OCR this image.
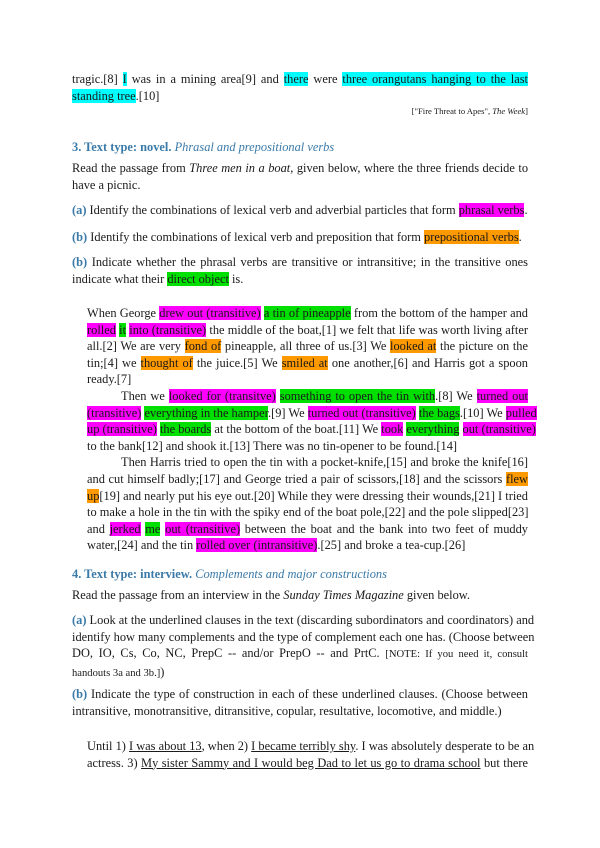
tragic.[8] I was in a mining area[9] and there were three orangutans hanging to the last
standing tree.[10]
["Fire Threat to Apes", The Week]
3. Text type: novel. Phrasal and prepositional verbs
Read the passage from Three men in a boat, given below, where the three friends decide to
have a picnic.
(a) Identify the combinations of lexical verb and adverbial particles that form phrasal verbs.
(b) Identify the combinations of lexical verb and preposition that form prepositional verbs.
(b) Indicate whether the phrasal verbs are transitive or intransitive; in the transitive ones
indicate what their direct object is.
When George drew out (transitive) a tin of pineapple from the bottom of the hamper and
rolled it into (transitive) the middle of the boat,[1] we felt that life was worth living after
all.[2] We are very fond of pineapple, all three of us.[3] We looked at the picture on the
tin;[4] we thought of the juice.[5] We smiled at one another,[6] and Harris got a spoon
ready.[7]
Then we looked for (transitve) something to open the tin with.[8] We turned out
(transitive) everything in the hamper.[9] We turned out (transitive) the bags.[10] We pulled
up (transitive) the boards at the bottom of the boat.[11] We took everything out (transitive)
to the bank[12] and shook it.[13] There was no tin-opener to be found.[14]
Then Harris tried to open the tin with a pocket-knife,[15] and broke the knife[16]
and cut himself badly;[17] and George tried a pair of scissors,[18] and the scissors flew
up[19] and nearly put his eye out.[20] While they were dressing their wounds,[21] I tried
to make a hole in the tin with the spiky end of the boat pole,[22] and the pole slipped[23]
and jerked me out (transitive) between the boat and the bank into two feet of muddy
water,[24] and the tin rolled over (intransitive).[25] and broke a tea-cup.[26]
4. Text type: interview. Complements and major constructions
Read the passage from an interview in the Sunday Times Magazine given below.
(a) Look at the underlined clauses in the text (discarding subordinators and coordinators) and
identify how many complements and the type of complement each one has. (Choose between
DO, IO, Cs, Co, NC, PrepC -- and/or PrepO -- and PrtC. [NOTE: If you need it, consult
handouts 3a and 3b.])
(b) Indicate the type of construction in each of these underlined clauses. (Choose between
intransitive, monotransitive, ditransitive, copular, resultative, locomotive, and middle.)
Until 1) I was about 13, when 2) I became terribly shy. I was absolutely desperate to be an
actress. 3) My sister Sammy and I would beg Dad to let us go to drama school but there
